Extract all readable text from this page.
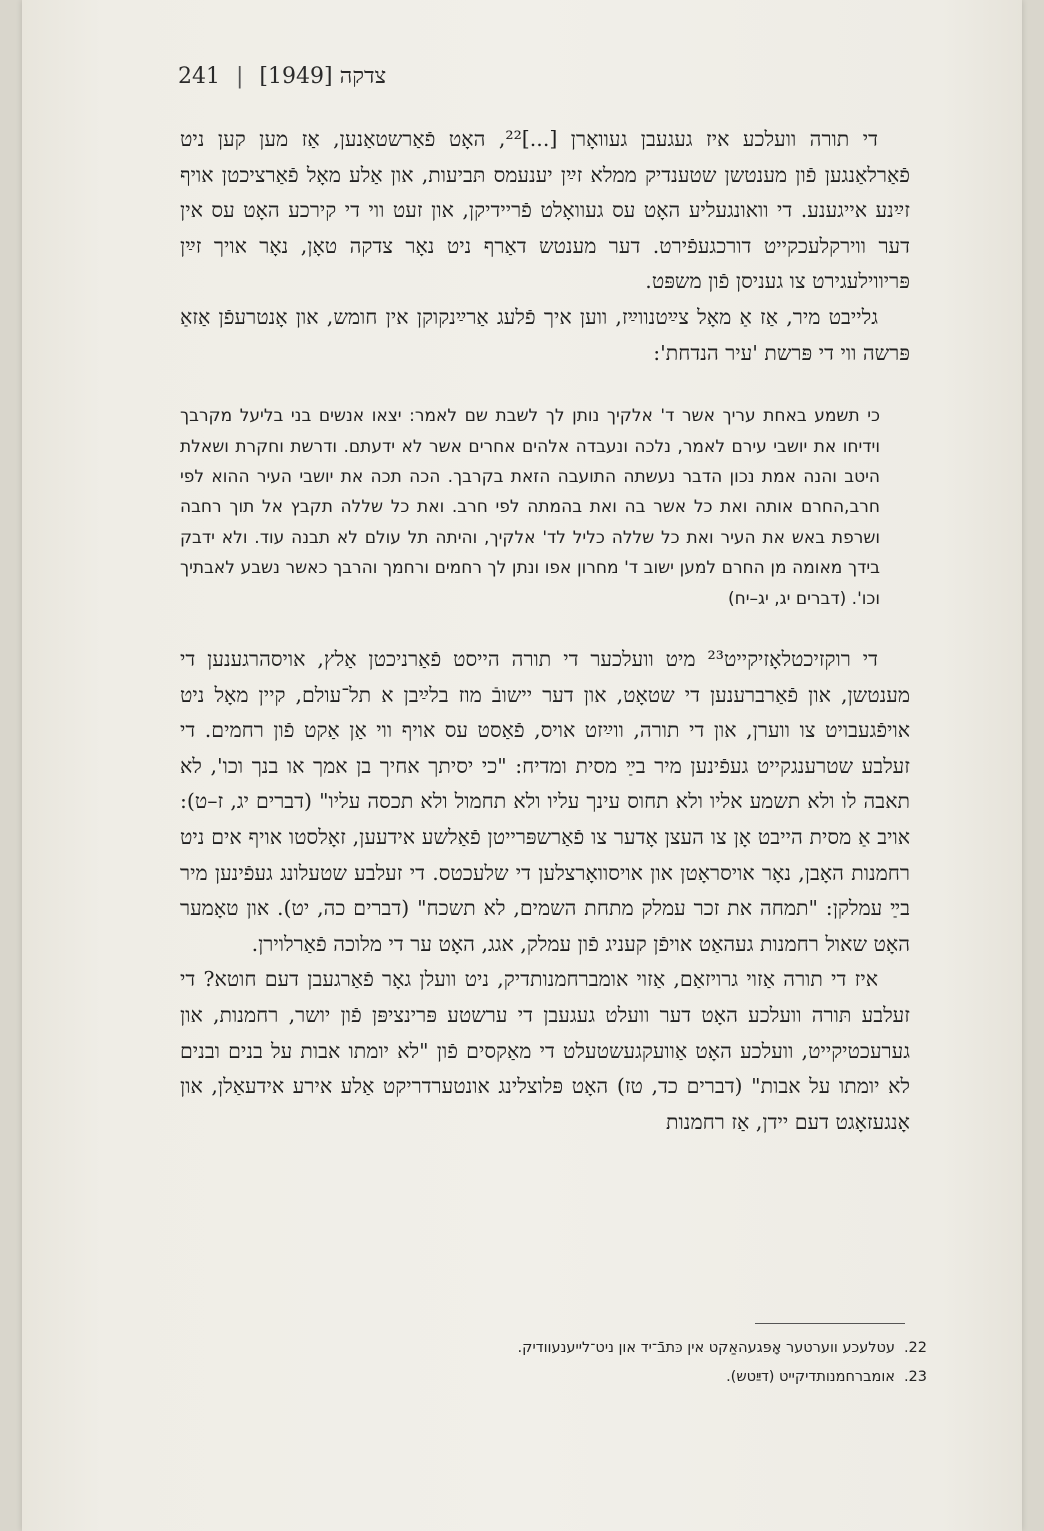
241 | [1949] צדקה

די תורה וועלכע איז געגעבן געוואָרן [...]²², האָט פֿאַרשטאַנען, אַז מען קען ניט פֿאַרלאַנגען פֿון מענטשן שטענדיק ממלא זײַן יענעמס תּביעות, און אַלע מאָל פֿאַרציכטן אויף זײַנע אייגענע. די וואונגעליע האָט עס געוואָלט פֿריידיקן, און זעט ווי די קירכע האָט עס אין דער ווירקלעכקייט דורכגעפֿירט. דער מענטש דאַרף ניט נאָר צדקה טאָן, נאָר אויך זײַן פּריווילעגירט צו געניסן פֿון משפּט.

גלייבט מיר, אַז אַ מאָל צײַטנווײַז, ווען איך פֿלעג אַרײַנקוקן אין חומש, און אָנטרעפֿן אַזאַ פּרשה ווי די פּרשת 'עיר הנדחת':

כי תשמע באחת עריך אשר ד' אלקיך נותן לך לשבת שם לאמר: יצאו אנשים בני בליעל מקרבך וידיחו את יושבי עירם לאמר, נלכה ונעבדה אלהים אחרים אשר לא ידעתם. ודרשת וחקרת ושאלת היטב והנה אמת נכון הדבר נעשתה התועבה הזאת בקרבך. הכה תכה את יושבי העיר ההוא לפי חרב,החרם אותה ואת כל אשר בה ואת בהמתה לפי חרב. ואת כל שללה תקבץ אל תוך רחבה ושרפת באש את העיר ואת כל שללה כליל לד' אלקיך, והיתה תל עולם לא תבנה עוד. ולא ידבק בידך מאומה מן החרם למען ישוב ד' מחרון אפו ונתן לך רחמים ורחמך והרבך כאשר נשבע לאבתיך וכו'. (דברים יג, יג–יח)

די רוקזיכטלאָזיקייט²³ מיט וועלכער די תורה הייסט פֿאַרניכטן אַלץ, אויסהרגענען די מענטשן, און פֿאַרברענען די שטאָט, און דער יישובֿ מוז בלײַבן א תל־עולם, קיין מאָל ניט אויפֿגעבויט צו ווערן, און די תורה, ווײַזט אויס, פֿאַסט עס אויף ווי אַן אַקט פֿון רחמים. די זעלבע שטרענגקייט געפֿינען מיר בײַ מסית ומדיח: "כי יסיתך אחיך בן אמך או בנך וכו', לא תאבה לו ולא תשמע אליו ולא תחוס עינך עליו ולא תחמול ולא תכסה עליו" (דברים יג, ז–ט): אויב אַ מסית הייבט אָן צו העצן אָדער צו פֿאַרשפּרייטן פֿאַלשע אידעען, זאָלסטו אויף אים ניט רחמנות האָבן, נאָר אויסראָטן און אויסוואָרצלען די שלעכטס. די זעלבע שטעלונג געפֿינען מיר בײַ עמלקן: "תמחה את זכר עמלק מתחת השמים, לא תשכח" (דברים כה, יט). און טאָמער האָט שאול רחמנות געהאַט אויפֿן קעניג פֿון עמלק, אגג, האָט ער די מלוכה פֿאַרלוירן.

איז די תורה אַזוי גרויזאַם, אַזוי אומברחמנותדיק, ניט וועלן גאָר פֿאַרגעבן דעם חוטא? די זעלבע תּורה וועלכע האָט דער וועלט געגעבן די ערשטע פּרינציפּן פֿון יושר, רחמנות, און גערעכטיקייט, וועלכע האָט אַוועקגעשטעלט די מאַקסים פֿון "לא יומתו אבות על בנים ובנים לא יומתו על אבות" (דברים כד, טז) האָט פּלוצלינג אונטערדריקט אַלע אירע אידעאַלן, און אָנגעזאָגט דעם יידן, אַז רחמנות

22.
עטלעכע ווערטער אָפּגעהאַקט אין כּתבֿ־יד און ניט־לייענעוודיק.
23.
אומברחמנותדיקייט (דײַטש).
